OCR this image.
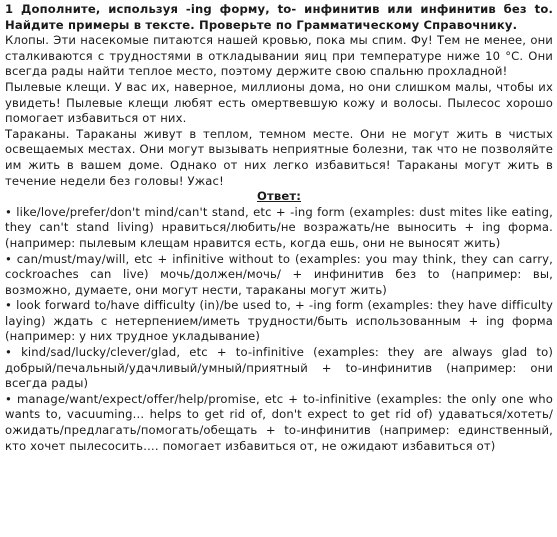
1 Дополните, используя -ing форму, to- инфинитив или инфинитив без to. Найдите примеры в тексте. Проверьте по Грамматическому Справочнику.

Клопы. Эти насекомые питаются нашей кровью, пока мы спим. Фу! Тем не менее, они сталкиваются с трудностями в откладывании яиц при температуре ниже 10 °С. Они всегда рады найти теплое место, поэтому держите свою спальню прохладной!

Пылевые клещи. У вас их, наверное, миллионы дома, но они слишком малы, чтобы их увидеть! Пылевые клещи любят есть омертвевшую кожу и волосы. Пылесос хорошо помогает избавиться от них.

Тараканы. Тараканы живут в теплом, темном месте. Они не могут жить в чистых освещаемых местах. Они могут вызывать неприятные болезни, так что не позволяйте им жить в вашем доме. Однако от них легко избавиться! Тараканы могут жить в течение недели без головы! Ужас!

Ответ:

• like/love/prefer/don't mind/can't stand, etc + -ing form (examples: dust mites like eating, they can't stand living) нравиться/любить/не возражать/не выносить + ing форма. (например: пылевым клещам нравится есть, когда ешь, они не выносят жить)

• can/must/may/will, etc + infinitive without to (examples: you may think, they can carry, cockroaches can live) мочь/должен/мочь/ + инфинитив без to (например: вы, возможно, думаете, они могут нести, тараканы могут жить)

• look forward to/have difficulty (in)/be used to, + -ing form (examples: they have difficulty laying) ждать с нетерпением/иметь трудности/быть использованным + ing форма (например: у них трудное укладывание)

• kind/sad/lucky/clever/glad, etc + to-infinitive (examples: they are always glad to) добрый/печальный/удачливый/умный/приятный + to-инфинитив (например: они всегда рады)

• manage/want/expect/offer/help/promise, etc + to-infinitive (examples: the only one who wants to, vacuuming... helps to get rid of, don't expect to get rid of) удаваться/хотеть/ожидать/предлагать/помогать/обещать + to-инфинитив (например: единственный, кто хочет пылесосить…. помогает избавиться от, не ожидают избавиться от)
